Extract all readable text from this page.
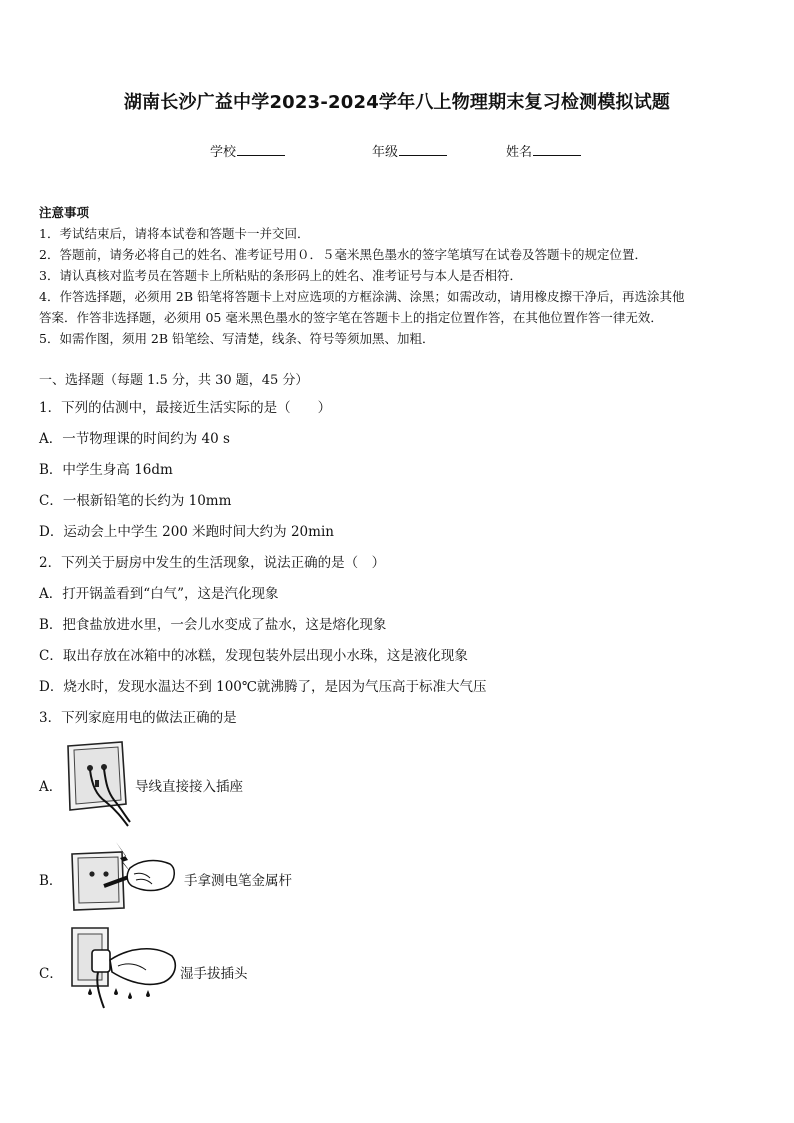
湖南长沙广益中学2023-2024学年八上物理期末复习检测模拟试题
学校	年级	姓名
注意事项
1．考试结束后，请将本试卷和答题卡一并交回．
2．答题前，请务必将自己的姓名、准考证号用０．５毫米黑色墨水的签字笔填写在试卷及答题卡的规定位置．
3．请认真核对监考员在答题卡上所粘贴的条形码上的姓名、准考证号与本人是否相符．
4．作答选择题，必须用 2B 铅笔将答题卡上对应选项的方框涂满、涂黑；如需改动，请用橡皮擦干净后，再选涂其他
答案．作答非选择题，必须用 05 毫米黑色墨水的签字笔在答题卡上的指定位置作答，在其他位置作答一律无效．
5．如需作图，须用 2B 铅笔绘、写清楚，线条、符号等须加黑、加粗．
一、选择题（每题 1.5 分，共 30 题，45 分）
1．下列的估测中，最接近生活实际的是（　　）
A．一节物理课的时间约为 40 s
B．中学生身高 16dm
C．一根新铅笔的长约为 10mm
D．运动会上中学生 200 米跑时间大约为 20min
2．下列关于厨房中发生的生活现象，说法正确的是（　）
A．打开锅盖看到“白气”，这是汽化现象
B．把食盐放进水里，一会儿水变成了盐水，这是熔化现象
C．取出存放在冰箱中的冰糕，发现包装外层出现小水珠，这是液化现象
D．烧水时，发现水温达不到 100℃就沸腾了，是因为气压高于标准大气压
3．下列家庭用电的做法正确的是
A．	导线直接接入插座
B．	手拿测电笔金属杆
C．	湿手拔插头
